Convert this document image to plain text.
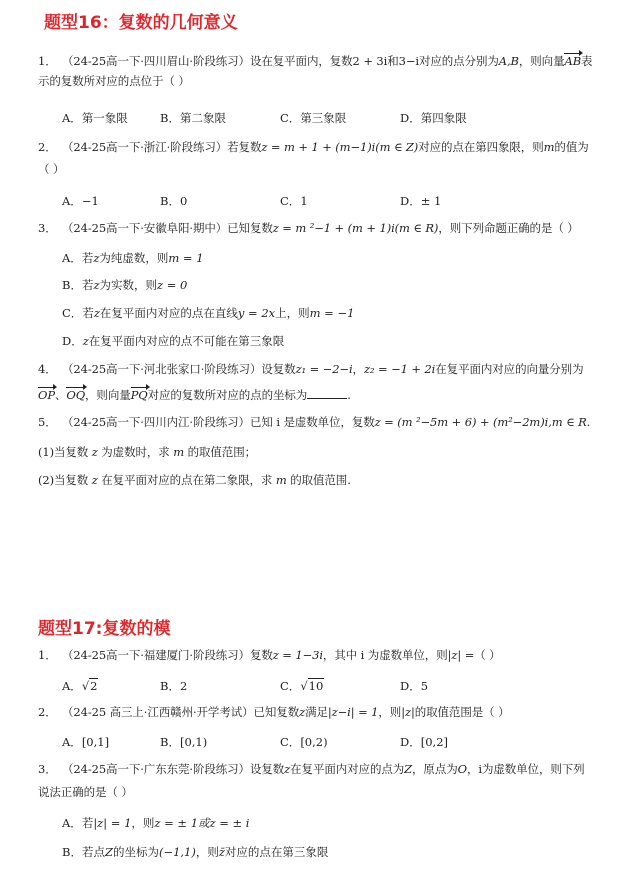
题型16：复数的几何意义
1． （24-25高一下·四川眉山·阶段练习）设在复平面内，复数2 + 3i和3−i对应的点分别为A,B，则向量AB表
示的复数所对应的点位于（ ）
A．第一象限	B．第二象限	C．第三象限	D．第四象限
2． （24-25高一下·浙江·阶段练习）若复数z = m + 1 + (m−1)i(m ∈ Z)对应的点在第四象限，则m的值为
（ ）
A．−1	B．0	C．1	D．± 1
3． （24-25高一下·安徽阜阳·期中）已知复数z = m ²−1 + (m + 1)i(m ∈ R)，则下列命题正确的是（ ）
A．若z为纯虚数，则m = 1
B．若z为实数，则z = 0
C．若z在复平面内对应的点在直线y = 2x上，则m = −1
D．z在复平面内对应的点不可能在第三象限
4． （24-25高一下·河北张家口·阶段练习）设复数z₁ = −2−i，z₂ = −1 + 2i在复平面内对应的向量分别为
OP、OQ，则向量PQ对应的复数所对应的点的坐标为	.
5． （24-25高一下·四川内江·阶段练习）已知 i 是虚数单位，复数z = (m ²−5m + 6) + (m²−2m)i,m ∈ R.
(1)当复数 z 为虚数时，求 m 的取值范围；
(2)当复数 z 在复平面对应的点在第二象限，求 m 的取值范围.
题型17:复数的模
1． （24-25高一下·福建厦门·阶段练习）复数z = 1−3i，其中 i 为虚数单位，则|z| =（ ）
A．√2	B．2	C．√10	D．5
2． （24-25 高三上·江西赣州·开学考试）已知复数z满足|z−i| = 1，则|z|的取值范围是（ ）
A．[0,1]	B．[0,1)	C．[0,2)	D．[0,2]
3． （24-25高一下·广东东莞·阶段练习）设复数z在复平面内对应的点为Z，原点为O，i为虚数单位，则下列
说法正确的是（ ）
A．若|z| = 1，则z = ± 1或z = ± i
B．若点Z的坐标为(−1,1)，则z̄对应的点在第三象限
